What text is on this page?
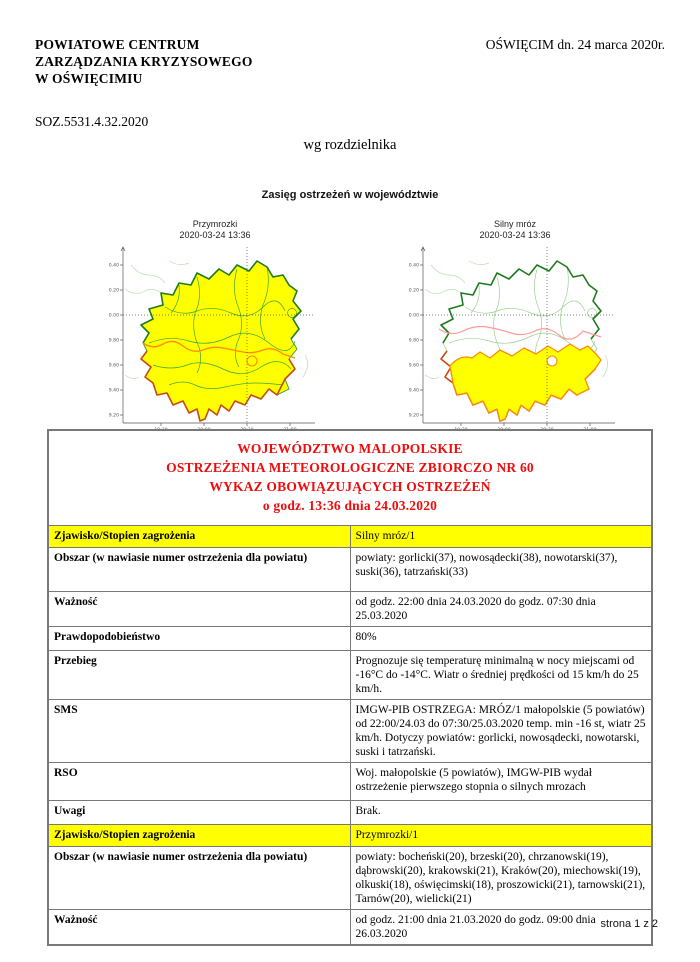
POWIATOWE CENTRUM
ZARZĄDZANIA KRYZYSOWEGO
W OŚWIĘCIMIU
OŚWIĘCIM dn. 24 marca 2020r.
SOZ.5531.4.32.2020
wg rozdzielnika
Zasięg ostrzeżeń w województwie
Przymrozki
2020-03-24 13:36
Silny mróz
2020-03-24 13:36
WOJEWÓDZTWO MALOPOLSKIE
OSTRZEŻENIA METEOROLOGICZNE ZBIORCZO NR 60
WYKAZ OBOWIĄZUJĄCYCH OSTRZEŻEŃ
o godz. 13:36 dnia 24.03.2020	

Zjawisko/Stopien zagrożenia	Silny mróz/1
Obszar (w nawiasie numer ostrzeżenia dla powiatu)	powiaty: gorlicki(37), nowosądecki(38), nowotarski(37), suski(36), tatrzański(33)
Ważność	od godz. 22:00 dnia 24.03.2020 do godz. 07:30 dnia 25.03.2020
Prawdopodobieństwo	80%
Przebieg	Prognozuje się temperaturę minimalną w nocy miejscami od -16°C do -14°C. Wiatr o średniej prędkości od 15 km/h do 25 km/h.
SMS	IMGW-PIB OSTRZEGA: MRÓZ/1 małopolskie (5 powiatów) od 22:00/24.03 do 07:30/25.03.2020 temp. min -16 st, wiatr 25 km/h. Dotyczy powiatów: gorlicki, nowosądecki, nowotarski, suski i tatrzański.
RSO	Woj. małopolskie (5 powiatów), IMGW-PIB wydał ostrzeżenie pierwszego stopnia o silnych mrozach
Uwagi	Brak.
Zjawisko/Stopien zagrożenia	Przymrozki/1
Obszar (w nawiasie numer ostrzeżenia dla powiatu)	powiaty: bocheński(20), brzeski(20), chrzanowski(19), dąbrowski(20), krakowski(21), Kraków(20), miechowski(19), olkuski(18), oświęcimski(18), proszowicki(21), tarnowski(21), Tarnów(20), wielicki(21)
Ważność	od godz. 21:00 dnia 21.03.2020 do godz. 09:00 dnia 26.03.2020
strona 1 z 2
